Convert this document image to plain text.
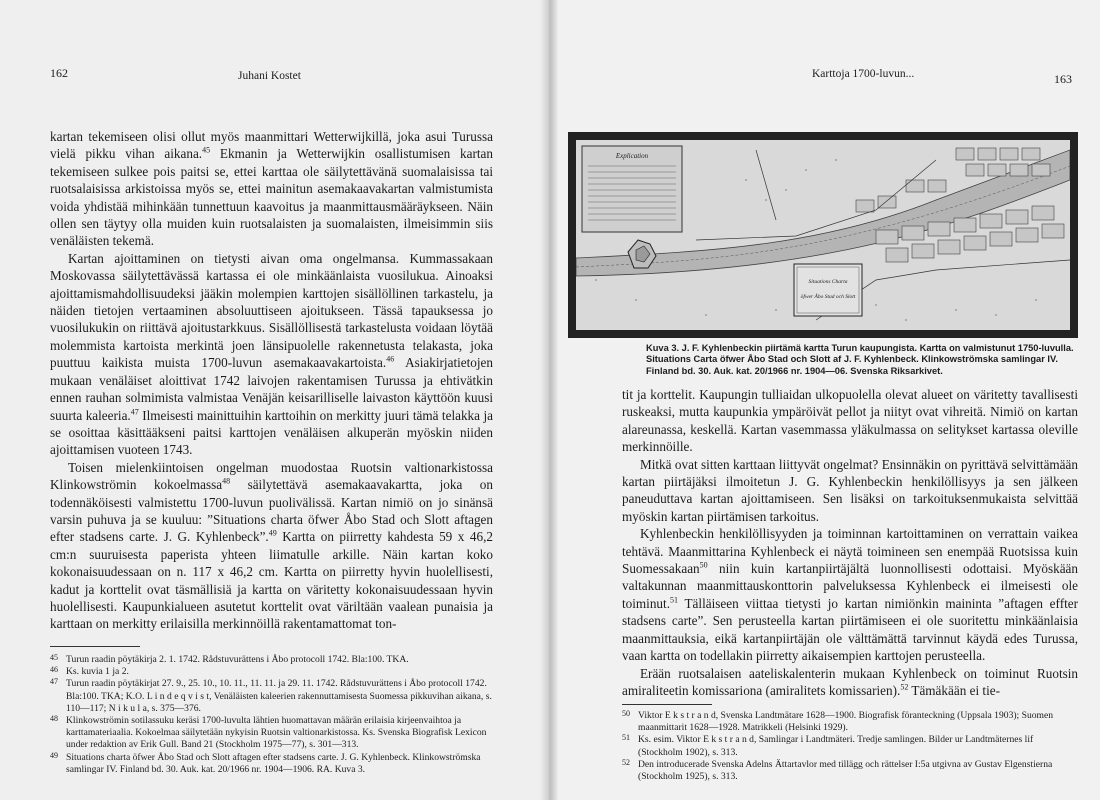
162	Juhani Kostet

kartan tekemiseen olisi ollut myös maanmittari Wetterwijkillä, joka asui Turussa vielä pikku vihan aikana.$^{45}$ Ekmanin ja Wetterwijkin osallistumisen kartan tekemiseen sulkee pois paitsi se, ettei karttaa ole säilytettävänä suomalaisissa tai ruotsalaisissa arkistoissa myös se, ettei mainitun asemakaavakartan valmistumista voida yhdistää mihinkään tunnettuun kaavoitus ja maanmittausmääräykseen. Näin ollen sen täytyy olla muiden kuin ruotsalaisten ja suomalaisten, ilmeisimmin siis venäläisten tekemä.

Kartan ajoittaminen on tietysti aivan oma ongelmansa. Kummassakaan Moskovassa säilytettävässä kartassa ei ole minkäänlaista vuosilukua. Ainoaksi ajoittamismahdollisuudeksi jääkin molempien karttojen sisällöllinen tarkastelu, ja näiden tietojen vertaaminen absoluuttiseen ajoitukseen. Tässä tapauksessa jo vuosilukukin on riittävä ajoitustarkkuus. Sisällöllisestä tarkastelusta voidaan löytää molemmista kartoista merkintä joen länsipuolelle rakennetusta telakasta, joka puuttuu kaikista muista 1700-luvun asemakaavakartoista.$^{46}$ Asiakirjatietojen mukaan venäläiset aloittivat 1742 laivojen rakentamisen Turussa ja ehtivätkin ennen rauhan solmimista valmistaa Venäjän keisarilliselle laivaston käyttöön kuusi suurta kaleeria.$^{47}$ Ilmeisesti mainittuihin karttoihin on merkitty juuri tämä telakka ja se osoittaa käsittääkseni paitsi karttojen venäläisen alkuperän myöskin niiden ajoittamisen vuoteen 1743.

Toisen mielenkiintoisen ongelman muodostaa Ruotsin valtionarkistossa Klinkowströmin kokoelmassa$^{48}$ säilytettävä asemakaavakartta, joka on todennäköisesti valmistettu 1700-luvun puolivälissä. Kartan nimiö on jo sinänsä varsin puhuva ja se kuuluu: ”Situations charta öfwer Åbo Stad och Slott aftagen efter stadsens carte. J. G. Kyhlenbeck”.$^{49}$ Kartta on piirretty kahdesta 59 x 46,2 cm:n suuruisesta paperista yhteen liimatulle arkille. Näin kartan koko kokonaisuudessaan on n. 117 x 46,2 cm. Kartta on piirretty hyvin huolellisesti, kadut ja korttelit ovat täsmällisiä ja kartta on väritetty kokonaisuudessaan hyvin huolellisesti. Kaupunkialueen asutetut korttelit ovat väriltään vaalean punaisia ja karttaan on merkitty erilaisilla merkinnöillä rakentamattomat ton-

45 Turun raadin pöytäkirja 2. 1. 1742. Rådstuvurättens i Åbo protocoll 1742. Bla:100. TKA.
46 Ks. kuvia 1 ja 2.
47 Turun raadin pöytäkirjat 27. 9., 25. 10., 10. 11., 11. 11. ja 29. 11. 1742. Rådstuvurättens i Åbo protocoll 1742. Bla:100. TKA; K.O. L i n d e q v i s t, Venäläisten kaleerien rakennuttamisesta Suomessa pikkuvihan aikana, s. 110—117; N i k u l a, s. 375—376.
48 Klinkowströmin sotilassuku keräsi 1700-luvulta lähtien huomattavan määrän erilaisia kirjeenvaihtoa ja karttamateriaalia. Kokoelmaa säilytetään nykyisin Ruotsin valtionarkistossa. Ks. Svenska Biografisk Lexicon under redaktion av Erik Gull. Band 21 (Stockholm 1975—77), s. 301—313.
49 Situations charta öfwer Åbo Stad och Slott aftagen efter stadsens carte. J. G. Kyhlenbeck. Klinkowströmska samlingar IV. Finland bd. 30. Auk. kat. 20/1966 nr. 1904—1906. RA. Kuva 3.
Karttoja 1700-luvun...	163
Explication
Situations Charta
öfwer Åbo Stad och Slott
Kuva 3. J. F. Kyhlenbeckin piirtämä kartta Turun kaupungista. Kartta on valmistunut 1750-luvulla. Situations Carta öfwer Åbo Stad och Slott af J. F. Kyhlenbeck. Klinkowströmska samlingar IV. Finland bd. 30. Auk. kat. 20/1966 nr. 1904—06. Svenska Riksarkivet.

tit ja korttelit. Kaupungin tulliaidan ulkopuolella olevat alueet on väritetty tavallisesti ruskeaksi, mutta kaupunkia ympäröivät pellot ja niityt ovat vihreitä. Nimiö on kartan alareunassa, keskellä. Kartan vasemmassa yläkulmassa on selitykset kartassa oleville merkinnöille.

Mitkä ovat sitten karttaan liittyvät ongelmat? Ensinnäkin on pyrittävä selvittämään kartan piirtäjäksi ilmoitetun J. G. Kyhlenbeckin henkilöllisyys ja sen jälkeen paneuduttava kartan ajoittamiseen. Sen lisäksi on tarkoituksenmukaista selvittää myöskin kartan piirtämisen tarkoitus.

Kyhlenbeckin henkilöllisyyden ja toiminnan kartoittaminen on verrattain vaikea tehtävä. Maanmittarina Kyhlenbeck ei näytä toimineen sen enempää Ruotsissa kuin Suomessakaan$^{50}$ niin kuin kartanpiirtäjältä luonnollisesti odottaisi. Myöskään valtakunnan maanmittauskonttorin palveluksessa Kyhlenbeck ei ilmeisesti ole toiminut.$^{51}$ Tälläiseen viittaa tietysti jo kartan nimiönkin maininta ”aftagen effter stadsens carte”. Sen perusteella kartan piirtämiseen ei ole suoritettu minkäänlaisia maanmittauksia, eikä kartanpiirtäjän ole välttämättä tarvinnut käydä edes Turussa, vaan kartta on todellakin piirretty aikaisempien karttojen perusteella.

Erään ruotsalaisen aateliskalenterin mukaan Kyhlenbeck on toiminut Ruotsin amiraliteetin komissariona (amiralitets komissarien).$^{52}$ Tämäkään ei tie-

50 Viktor E k s t r a n d, Svenska Landtmätare 1628—1900. Biografisk föranteckning (Uppsala 1903); Suomen maanmittarit 1628—1928. Matrikkeli (Helsinki 1929).
51 Ks. esim. Viktor E k s t r a n d, Samlingar i Landtmäteri. Tredje samlingen. Bilder ur Landtmäternes lif (Stockholm 1902), s. 313.
52 Den introducerade Svenska Adelns Ättartavlor med tillägg och rättelser I:5a utgivna av Gustav Elgenstierna (Stockholm 1925), s. 313.
